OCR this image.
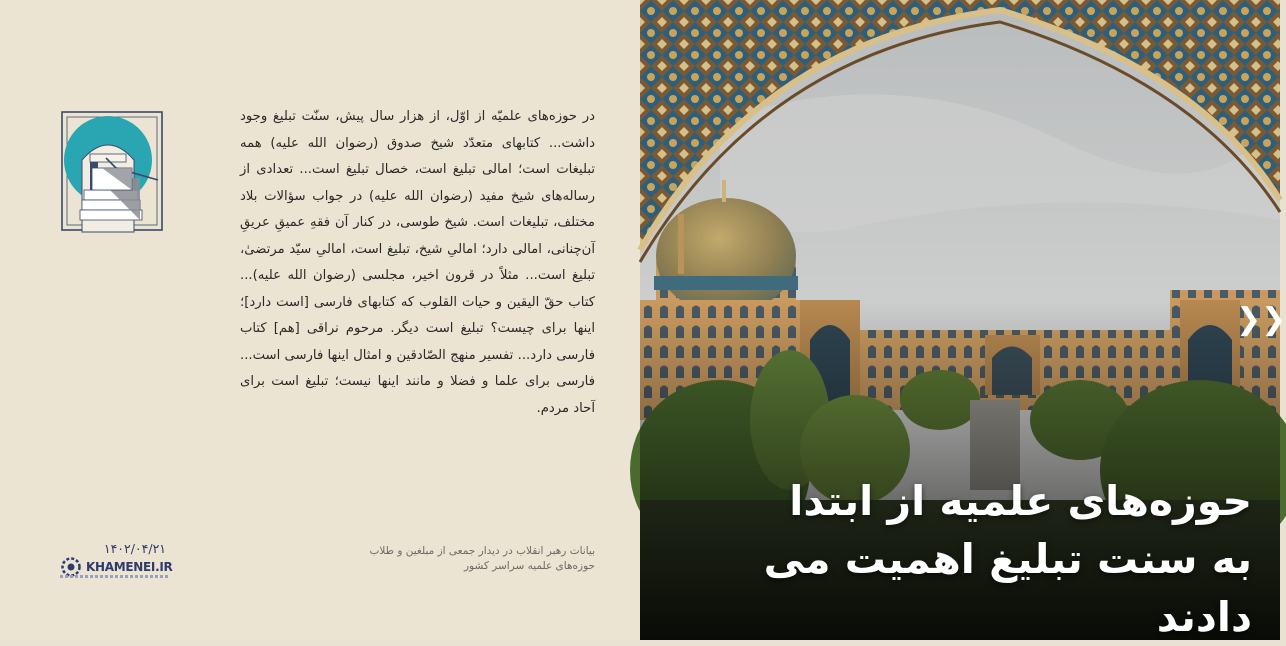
در حوزه‌های علمیّه از اوّل، از هزار سال پیش، سنّت تبلیغ وجود داشت... کتابهای متعدّد شیخ صدوق (رضوان الله علیه) همه تبلیغات است؛ امالی تبلیغ است، خصال تبلیغ است... تعدادی از رساله‌های شیخ مفید (رضوان الله علیه) در جواب سؤالات بلاد مختلف، تبلیغات است. شیخ طوسی، در کنار آن فقهِ عمیقِ عریقِ آن‌چنانی، امالی دارد؛ امالیِ شیخ، تبلیغ است، امالیِ سیّد مرتضیٰ، تبلیغ است... مثلاً در قرون اخیر، مجلسی (رضوان الله علیه)... کتاب حقّ الیقین و حیات القلوب که کتابهای فارسی [است دارد]؛ اینها برای چیست؟ تبلیغ است دیگر. مرحوم نراقی [هم] کتاب فارسی دارد... تفسیر منهج الصّادقین و امثال اینها فارسی است... فارسی برای علما و فضلا و مانند اینها نیست؛ تبلیغ است برای آحاد مردم.

۱۴۰۲/۰۴/۲۱
KHAMENEI.IR
بیانات رهبر انقلاب در دیدار جمعی از مبلغین و طلاب
حوزه‌های علمیه سراسر کشور
❯❯
حوزه‌های علمیه از ابتدا
به سنت تبلیغ اهمیت می دادند
